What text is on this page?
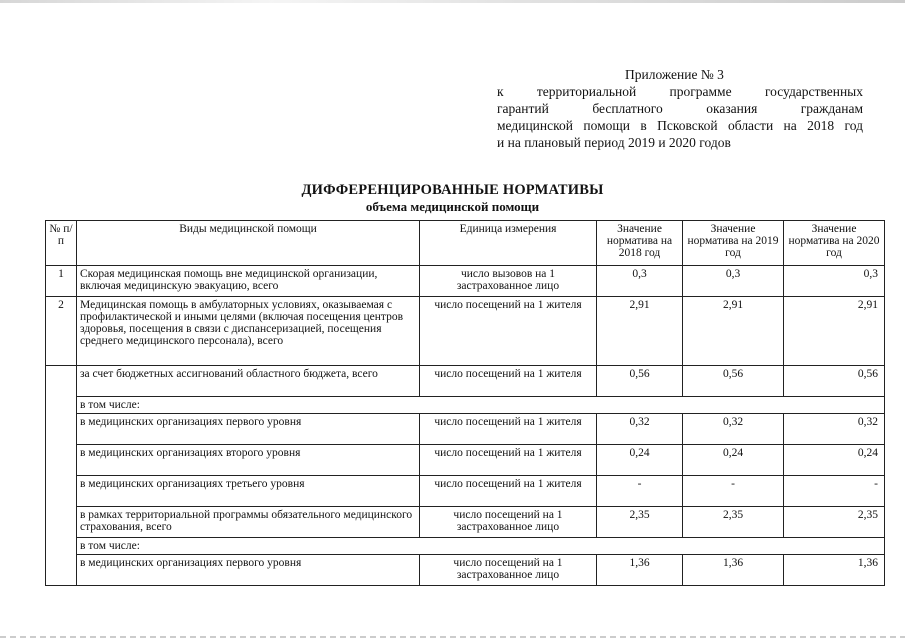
Приложение № 3
к территориальной программе государственных
гарантий бесплатного оказания гражданам
медицинской помощи в Псковской области на 2018 год
и на плановый период 2019 и 2020 годов
ДИФФЕРЕНЦИРОВАННЫЕ НОРМАТИВЫ
объема медицинской помощи
№ п/п	Виды медицинской помощи	Единица измерения	Значение норматива на 2018 год	Значение норматива на 2019 год	Значение норматива на 2020 год
1	Скорая медицинская помощь вне медицинской организации, включая медицинскую эвакуацию, всего	число вызовов на 1 застрахованное лицо	0,3	0,3	0,3
2	Медицинская помощь в амбулаторных условиях, оказываемая с профилактической и иными целями (включая посещения центров здоровья, посещения в связи с диспансеризацией, посещения среднего медицинского персонала), всего	число посещений на 1 жителя	2,91	2,91	2,91
	за счет бюджетных ассигнований областного бюджета, всего	число посещений на 1 жителя	0,56	0,56	0,56
	в том числе:				
	в медицинских организациях первого уровня	число посещений на 1 жителя	0,32	0,32	0,32
	в медицинских организациях второго уровня	число посещений на 1 жителя	0,24	0,24	0,24
	в медицинских организациях третьего уровня	число посещений на 1 жителя	-	-	-
	в рамках территориальной программы обязательного медицинского страхования, всего	число посещений на 1 застрахованное лицо	2,35	2,35	2,35
	в том числе:				
	в медицинских организациях первого уровня	число посещений на 1 застрахованное лицо	1,36	1,36	1,36
